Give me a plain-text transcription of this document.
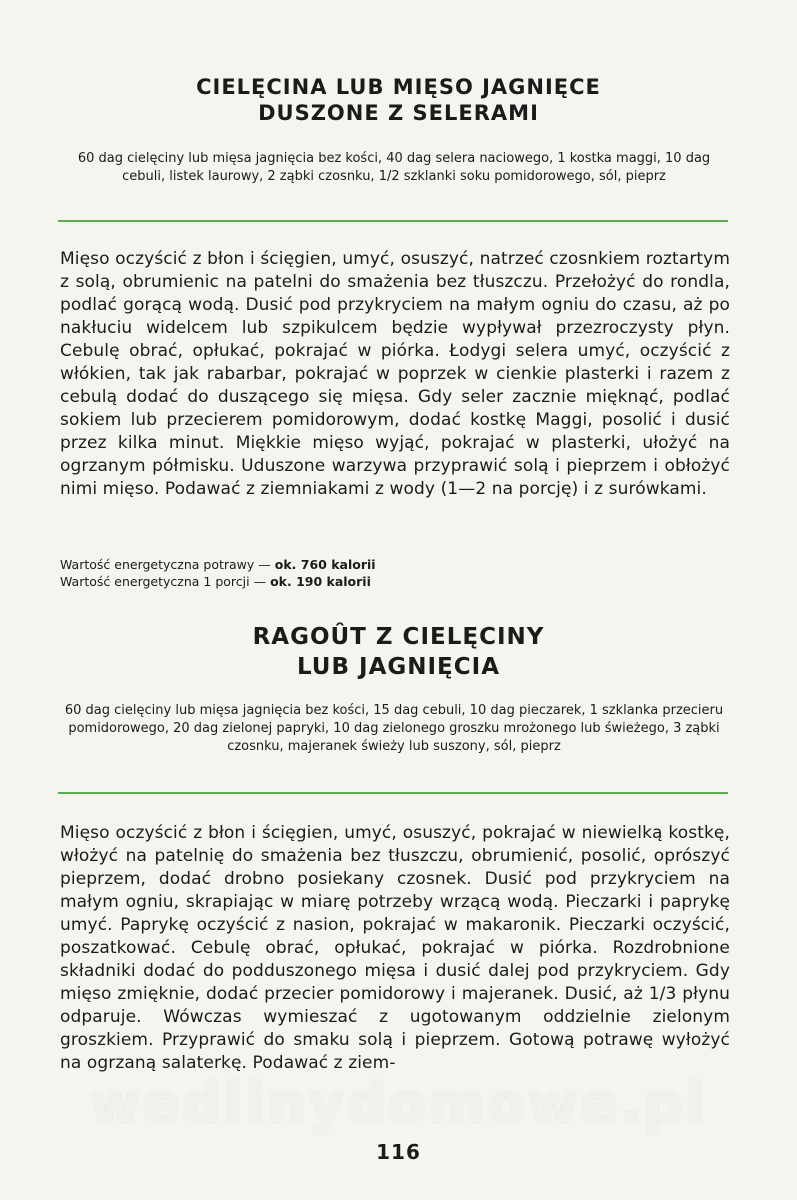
CIELĘCINA LUB MIĘSO JAGNIĘCE
DUSZONE Z SELERAMI
60 dag cielęciny lub mięsa jagnięcia bez kości, 40 dag selera naciowego, 1 kostka maggi, 10 dag cebuli, listek laurowy, 2 ząbki czosnku, 1/2 szklanki soku pomidorowego, sól, pieprz
Mięso oczyścić z błon i ścięgien, umyć, osuszyć, natrzeć czosnkiem roztartym z solą, obrumienic na patelni do smażenia bez tłuszczu. Przełożyć do rondla, podlać gorącą wodą. Dusić pod przykryciem na małym ogniu do czasu, aż po nakłuciu widelcem lub szpikulcem będzie wypływał przezroczysty płyn. Cebulę obrać, opłukać, pokrajać w piórka. Łodygi selera umyć, oczyścić z włókien, tak jak rabarbar, pokrajać w poprzek w cienkie plasterki i razem z cebulą dodać do duszącego się mięsa. Gdy seler zacznie mięknąć, podlać sokiem lub przecierem pomidorowym, dodać kostkę Maggi, posolić i dusić przez kilka minut. Miękkie mięso wyjąć, pokrajać w plasterki, ułożyć na ogrzanym półmisku. Uduszone warzywa przyprawić solą i pieprzem i obłożyć nimi mięso. Podawać z ziemniakami z wody (1—2 na porcję) i z surówkami.
Wartość energetyczna potrawy — ok. 760 kalorii
Wartość energetyczna 1 porcji — ok. 190 kalorii
RAGOÛT Z CIELĘCINY
LUB JAGNIĘCIA
60 dag cielęciny lub mięsa jagnięcia bez kości, 15 dag cebuli, 10 dag pieczarek, 1 szklanka przecieru pomidorowego, 20 dag zielonej papryki, 10 dag zielonego groszku mrożonego lub świeżego, 3 ząbki czosnku, majeranek świeży lub suszony, sól, pieprz
Mięso oczyścić z błon i ścięgien, umyć, osuszyć, pokrajać w niewielką kostkę, włożyć na patelnię do smażenia bez tłuszczu, obrumienić, posolić, oprószyć pieprzem, dodać drobno posiekany czosnek. Dusić pod przykryciem na małym ogniu, skrapiając w miarę potrzeby wrzącą wodą. Pieczarki i paprykę umyć. Paprykę oczyścić z nasion, pokrajać w makaronik. Pieczarki oczyścić, poszatkować. Cebulę obrać, opłukać, pokrajać w piórka. Rozdrobnione składniki dodać do podduszonego mięsa i dusić dalej pod przykryciem. Gdy mięso zmięknie, dodać przecier pomidorowy i majeranek. Dusić, aż 1/3 płynu odparuje. Wówczas wymieszać z ugotowanym oddzielnie zielonym groszkiem. Przyprawić do smaku solą i pieprzem. Gotową potrawę wyłożyć na ogrzaną salaterkę. Podawać z ziem-
wedlinydomowe.pl
116
